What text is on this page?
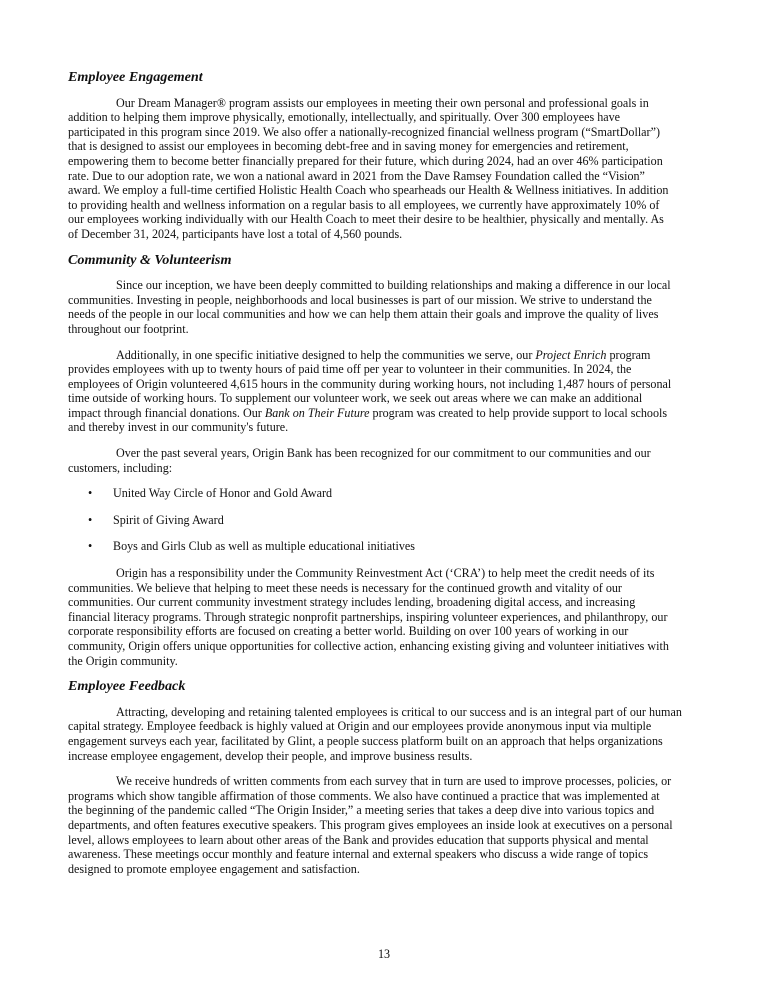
Employee Engagement

Our Dream Manager® program assists our employees in meeting their own personal and professional goals in
addition to helping them improve physically, emotionally, intellectually, and spiritually. Over 300 employees have
participated in this program since 2019. We also offer a nationally-recognized financial wellness program (“SmartDollar”)
that is designed to assist our employees in becoming debt-free and in saving money for emergencies and retirement,
empowering them to become better financially prepared for their future, which during 2024, had an over 46% participation
rate. Due to our adoption rate, we won a national award in 2021 from the Dave Ramsey Foundation called the “Vision”
award. We employ a full-time certified Holistic Health Coach who spearheads our Health & Wellness initiatives. In addition
to providing health and wellness information on a regular basis to all employees, we currently have approximately 10% of
our employees working individually with our Health Coach to meet their desire to be healthier, physically and mentally. As
of December 31, 2024, participants have lost a total of 4,560 pounds.

Community & Volunteerism

Since our inception, we have been deeply committed to building relationships and making a difference in our local
communities. Investing in people, neighborhoods and local businesses is part of our mission. We strive to understand the
needs of the people in our local communities and how we can help them attain their goals and improve the quality of lives
throughout our footprint.

Additionally, in one specific initiative designed to help the communities we serve, our Project Enrich program
provides employees with up to twenty hours of paid time off per year to volunteer in their communities. In 2024, the
employees of Origin volunteered 4,615 hours in the community during working hours, not including 1,487 hours of personal
time outside of working hours. To supplement our volunteer work, we seek out areas where we can make an additional
impact through financial donations. Our Bank on Their Future program was created to help provide support to local schools
and thereby invest in our community's future.

Over the past several years, Origin Bank has been recognized for our commitment to our communities and our
customers, including:

•	United Way Circle of Honor and Gold Award
•	Spirit of Giving Award
•	Boys and Girls Club as well as multiple educational initiatives

Origin has a responsibility under the Community Reinvestment Act (‘CRA’) to help meet the credit needs of its
communities. We believe that helping to meet these needs is necessary for the continued growth and vitality of our
communities. Our current community investment strategy includes lending, broadening digital access, and increasing
financial literacy programs. Through strategic nonprofit partnerships, inspiring volunteer experiences, and philanthropy, our
corporate responsibility efforts are focused on creating a better world. Building on over 100 years of working in our
community, Origin offers unique opportunities for collective action, enhancing existing giving and volunteer initiatives with
the Origin community.

Employee Feedback

Attracting, developing and retaining talented employees is critical to our success and is an integral part of our human
capital strategy. Employee feedback is highly valued at Origin and our employees provide anonymous input via multiple
engagement surveys each year, facilitated by Glint, a people success platform built on an approach that helps organizations
increase employee engagement, develop their people, and improve business results.

We receive hundreds of written comments from each survey that in turn are used to improve processes, policies, or
programs which show tangible affirmation of those comments. We also have continued a practice that was implemented at
the beginning of the pandemic called “The Origin Insider,” a meeting series that takes a deep dive into various topics and
departments, and often features executive speakers. This program gives employees an inside look at executives on a personal
level, allows employees to learn about other areas of the Bank and provides education that supports physical and mental
awareness. These meetings occur monthly and feature internal and external speakers who discuss a wide range of topics
designed to promote employee engagement and satisfaction.

13
